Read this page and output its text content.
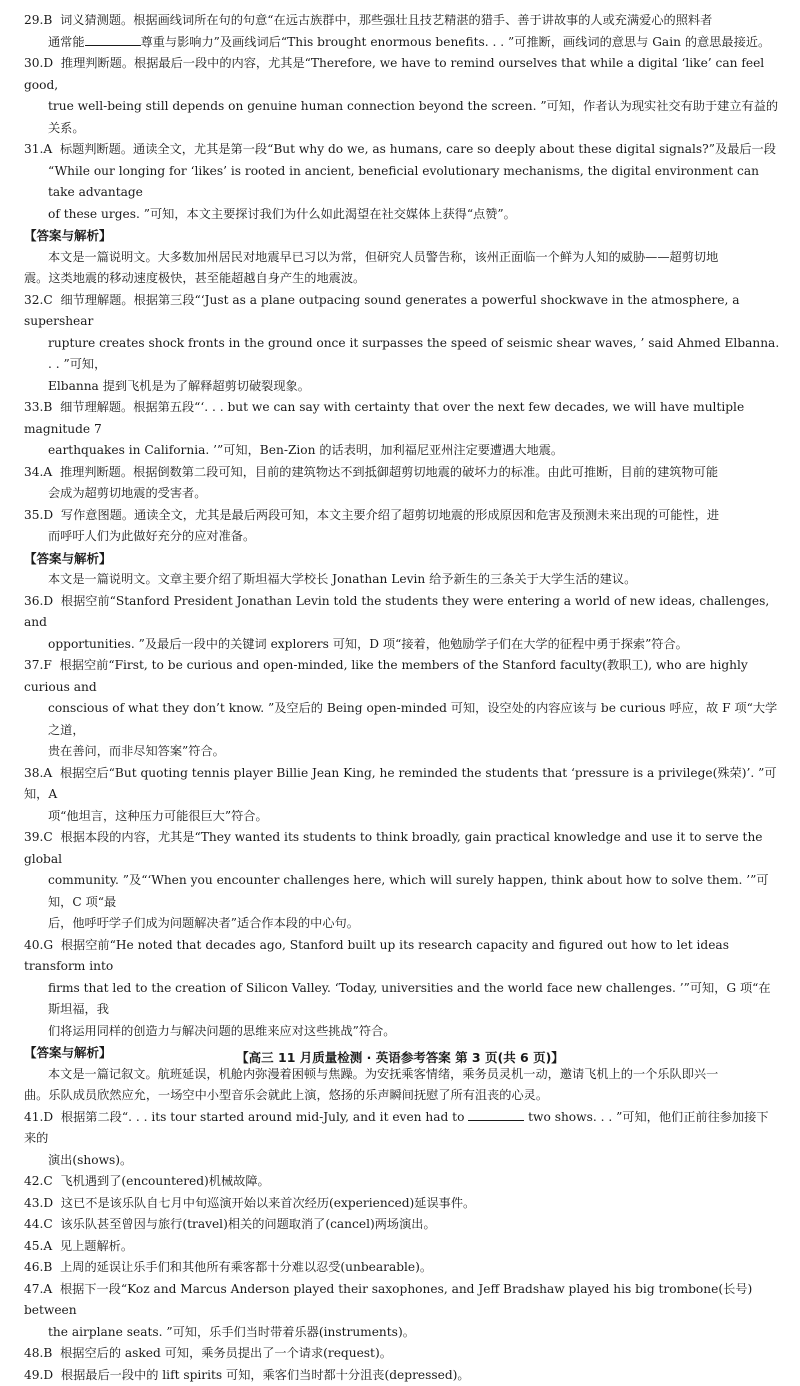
29.B 词义猜测题。根据画线词所在句的句意“在远古族群中，那些强壮且技艺精湛的猎手、善于讲故事的人或充满爱心的照料者
通常能	尊重与影响力”及画线词后“This brought enormous benefits. . . ”可推断，画线词的意思与 Gain 的意思最接近。
30.D 推理判断题。根据最后一段中的内容，尤其是“Therefore, we have to remind ourselves that while a digital ‘like’ can feel good,
true well-being still depends on genuine human connection beyond the screen. ”可知，作者认为现实社交有助于建立有益的关系。
31.A 标题判断题。通读全文，尤其是第一段“But why do we, as humans, care so deeply about these digital signals?”及最后一段
“While our longing for ‘likes’ is rooted in ancient, beneficial evolutionary mechanisms, the digital environment can take advantage
of these urges. ”可知，本文主要探讨我们为什么如此渴望在社交媒体上获得“点赞”。
【答案与解析】
本文是一篇说明文。大多数加州居民对地震早已习以为常，但研究人员警告称，该州正面临一个鲜为人知的威胁——超剪切地
震。这类地震的移动速度极快，甚至能超越自身产生的地震波。
32.C 细节理解题。根据第三段“‘Just as a plane outpacing sound generates a powerful shockwave in the atmosphere, a supershear
rupture creates shock fronts in the ground once it surpasses the speed of seismic shear waves, ’ said Ahmed Elbanna. . . ”可知，
Elbanna 提到飞机是为了解释超剪切破裂现象。
33.B 细节理解题。根据第五段“‘. . . but we can say with certainty that over the next few decades, we will have multiple magnitude 7
earthquakes in California. ’”可知，Ben-Zion 的话表明，加利福尼亚州注定要遭遇大地震。
34.A 推理判断题。根据倒数第二段可知，目前的建筑物达不到抵御超剪切地震的破坏力的标准。由此可推断，目前的建筑物可能
会成为超剪切地震的受害者。
35.D 写作意图题。通读全文，尤其是最后两段可知，本文主要介绍了超剪切地震的形成原因和危害及预测未来出现的可能性，进
而呼吁人们为此做好充分的应对准备。
【答案与解析】
本文是一篇说明文。文章主要介绍了斯坦福大学校长 Jonathan Levin 给予新生的三条关于大学生活的建议。
36.D 根据空前“Stanford President Jonathan Levin told the students they were entering a world of new ideas, challenges, and
opportunities. ”及最后一段中的关键词 explorers 可知，D 项“接着，他勉励学子们在大学的征程中勇于探索”符合。
37.F 根据空前“First, to be curious and open-minded, like the members of the Stanford faculty(教职工), who are highly curious and
conscious of what they don’t know. ”及空后的 Being open-minded 可知，设空处的内容应该与 be curious 呼应，故 F 项“大学之道，
贵在善问，而非尽知答案”符合。
38.A 根据空后“But quoting tennis player Billie Jean King, he reminded the students that ‘pressure is a privilege(殊荣)’. ”可知，A
项“他坦言，这种压力可能很巨大”符合。
39.C 根据本段的内容，尤其是“They wanted its students to think broadly, gain practical knowledge and use it to serve the global
community. ”及“‘When you encounter challenges here, which will surely happen, think about how to solve them. ’”可知，C 项“最
后，他呼吁学子们成为问题解决者”适合作本段的中心句。
40.G 根据空前“He noted that decades ago, Stanford built up its research capacity and figured out how to let ideas transform into
firms that led to the creation of Silicon Valley. ‘Today, universities and the world face new challenges. ’”可知，G 项“在斯坦福，我
们将运用同样的创造力与解决问题的思维来应对这些挑战”符合。
【答案与解析】
本文是一篇记叙文。航班延误，机舱内弥漫着困顿与焦躁。为安抚乘客情绪，乘务员灵机一动，邀请飞机上的一个乐队即兴一
曲。乐队成员欣然应允，一场空中小型音乐会就此上演，悠扬的乐声瞬间抚慰了所有沮丧的心灵。
41.D 根据第二段“. . . its tour started around mid-July, and it even had to	two shows. . . ”可知，他们正前往参加接下来的
演出(shows)。
42.C 飞机遇到了(encountered)机械故障。
43.D 这已不是该乐队自七月中旬巡演开始以来首次经历(experienced)延误事件。
44.C 该乐队甚至曾因与旅行(travel)相关的问题取消了(cancel)两场演出。
45.A 见上题解析。
46.B 上周的延误让乐手们和其他所有乘客都十分难以忍受(unbearable)。
47.A 根据下一段“Koz and Marcus Anderson played their saxophones, and Jeff Bradshaw played his big trombone(长号) between
the airplane seats. ”可知，乐手们当时带着乐器(instruments)。
48.B 根据空后的 asked 可知，乘务员提出了一个请求(request)。
49.D 根据最后一段中的 lift spirits 可知，乘客们当时都十分沮丧(depressed)。
【高三 11 月质量检测 · 英语参考答案 第 3 页(共 6 页)】
